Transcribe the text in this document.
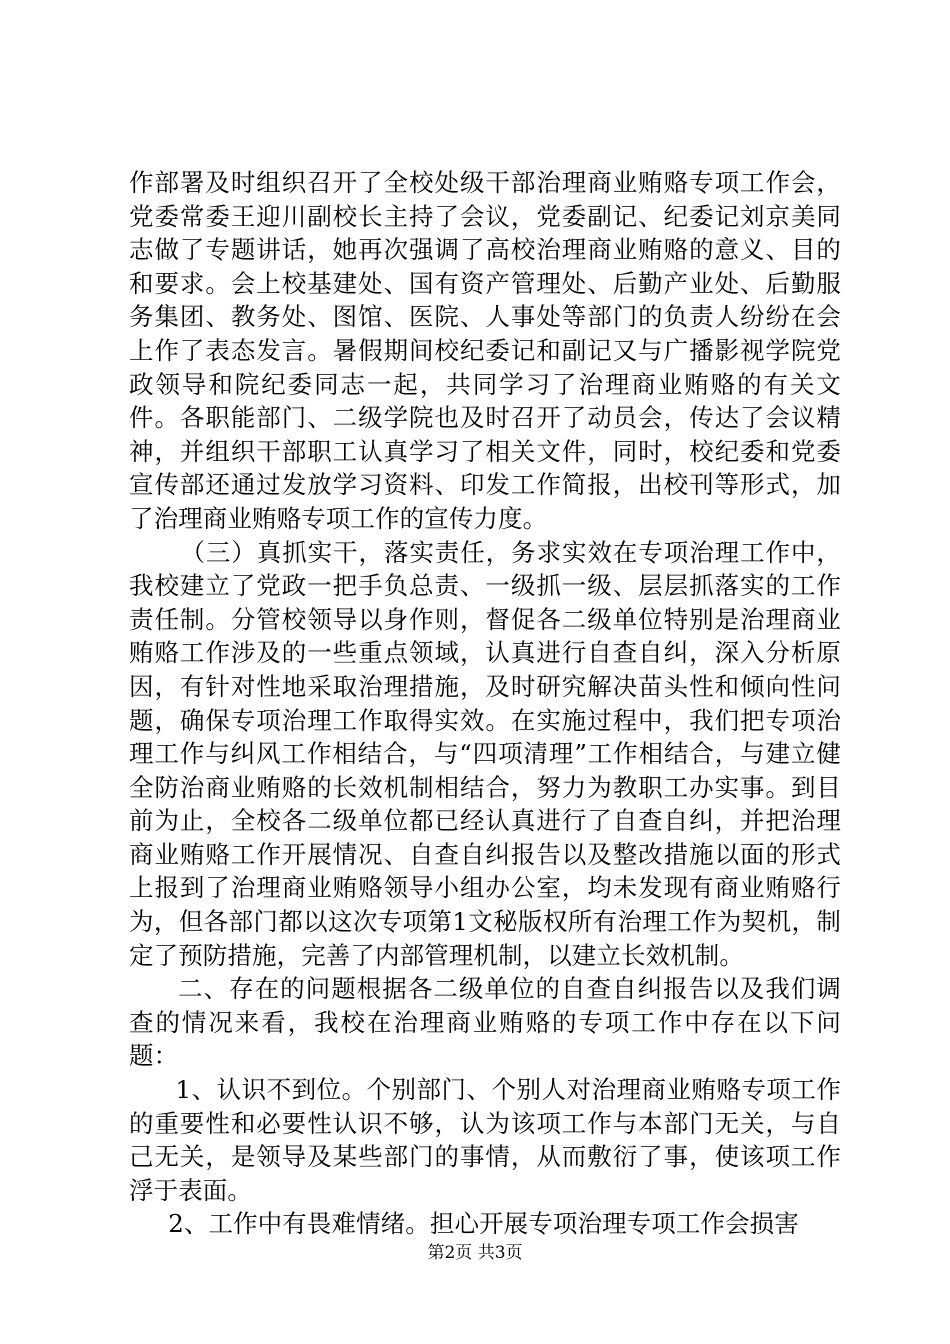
作部署及时组织召开了全校处级干部治理商业贿赂专项工作会，党委常委王迎川副校长主持了会议，党委副记、纪委记刘京美同志做了专题讲话，她再次强调了高校治理商业贿赂的意义、目的和要求。会上校基建处、国有资产管理处、后勤产业处、后勤服务集团、教务处、图馆、医院、人事处等部门的负责人纷纷在会上作了表态发言。暑假期间校纪委记和副记又与广播影视学院党政领导和院纪委同志一起，共同学习了治理商业贿赂的有关文件。各职能部门、二级学院也及时召开了动员会，传达了会议精神，并组织干部职工认真学习了相关文件，同时，校纪委和党委宣传部还通过发放学习资料、印发工作简报，出校刊等形式，加了治理商业贿赂专项工作的宣传力度。

（三）真抓实干，落实责任，务求实效在专项治理工作中，我校建立了党政一把手负总责、一级抓一级、层层抓落实的工作责任制。分管校领导以身作则，督促各二级单位特别是治理商业贿赂工作涉及的一些重点领域，认真进行自查自纠，深入分析原因，有针对性地采取治理措施，及时研究解决苗头性和倾向性问题，确保专项治理工作取得实效。在实施过程中，我们把专项治理工作与纠风工作相结合，与“四项清理”工作相结合，与建立健全防治商业贿赂的长效机制相结合，努力为教职工办实事。到目前为止，全校各二级单位都已经认真进行了自查自纠，并把治理商业贿赂工作开展情况、自查自纠报告以及整改措施以面的形式上报到了治理商业贿赂领导小组办公室，均未发现有商业贿赂行为，但各部门都以这次专项第1文秘版权所有治理工作为契机，制定了预防措施，完善了内部管理机制，以建立长效机制。

二、存在的问题根据各二级单位的自查自纠报告以及我们调查的情况来看，我校在治理商业贿赂的专项工作中存在以下问题：

1、认识不到位。个别部门、个别人对治理商业贿赂专项工作的重要性和必要性认识不够，认为该项工作与本部门无关，与自己无关，是领导及某些部门的事情，从而敷衍了事，使该项工作浮于表面。

2、工作中有畏难情绪。担心开展专项治理专项工作会损害

第2页 共3页
